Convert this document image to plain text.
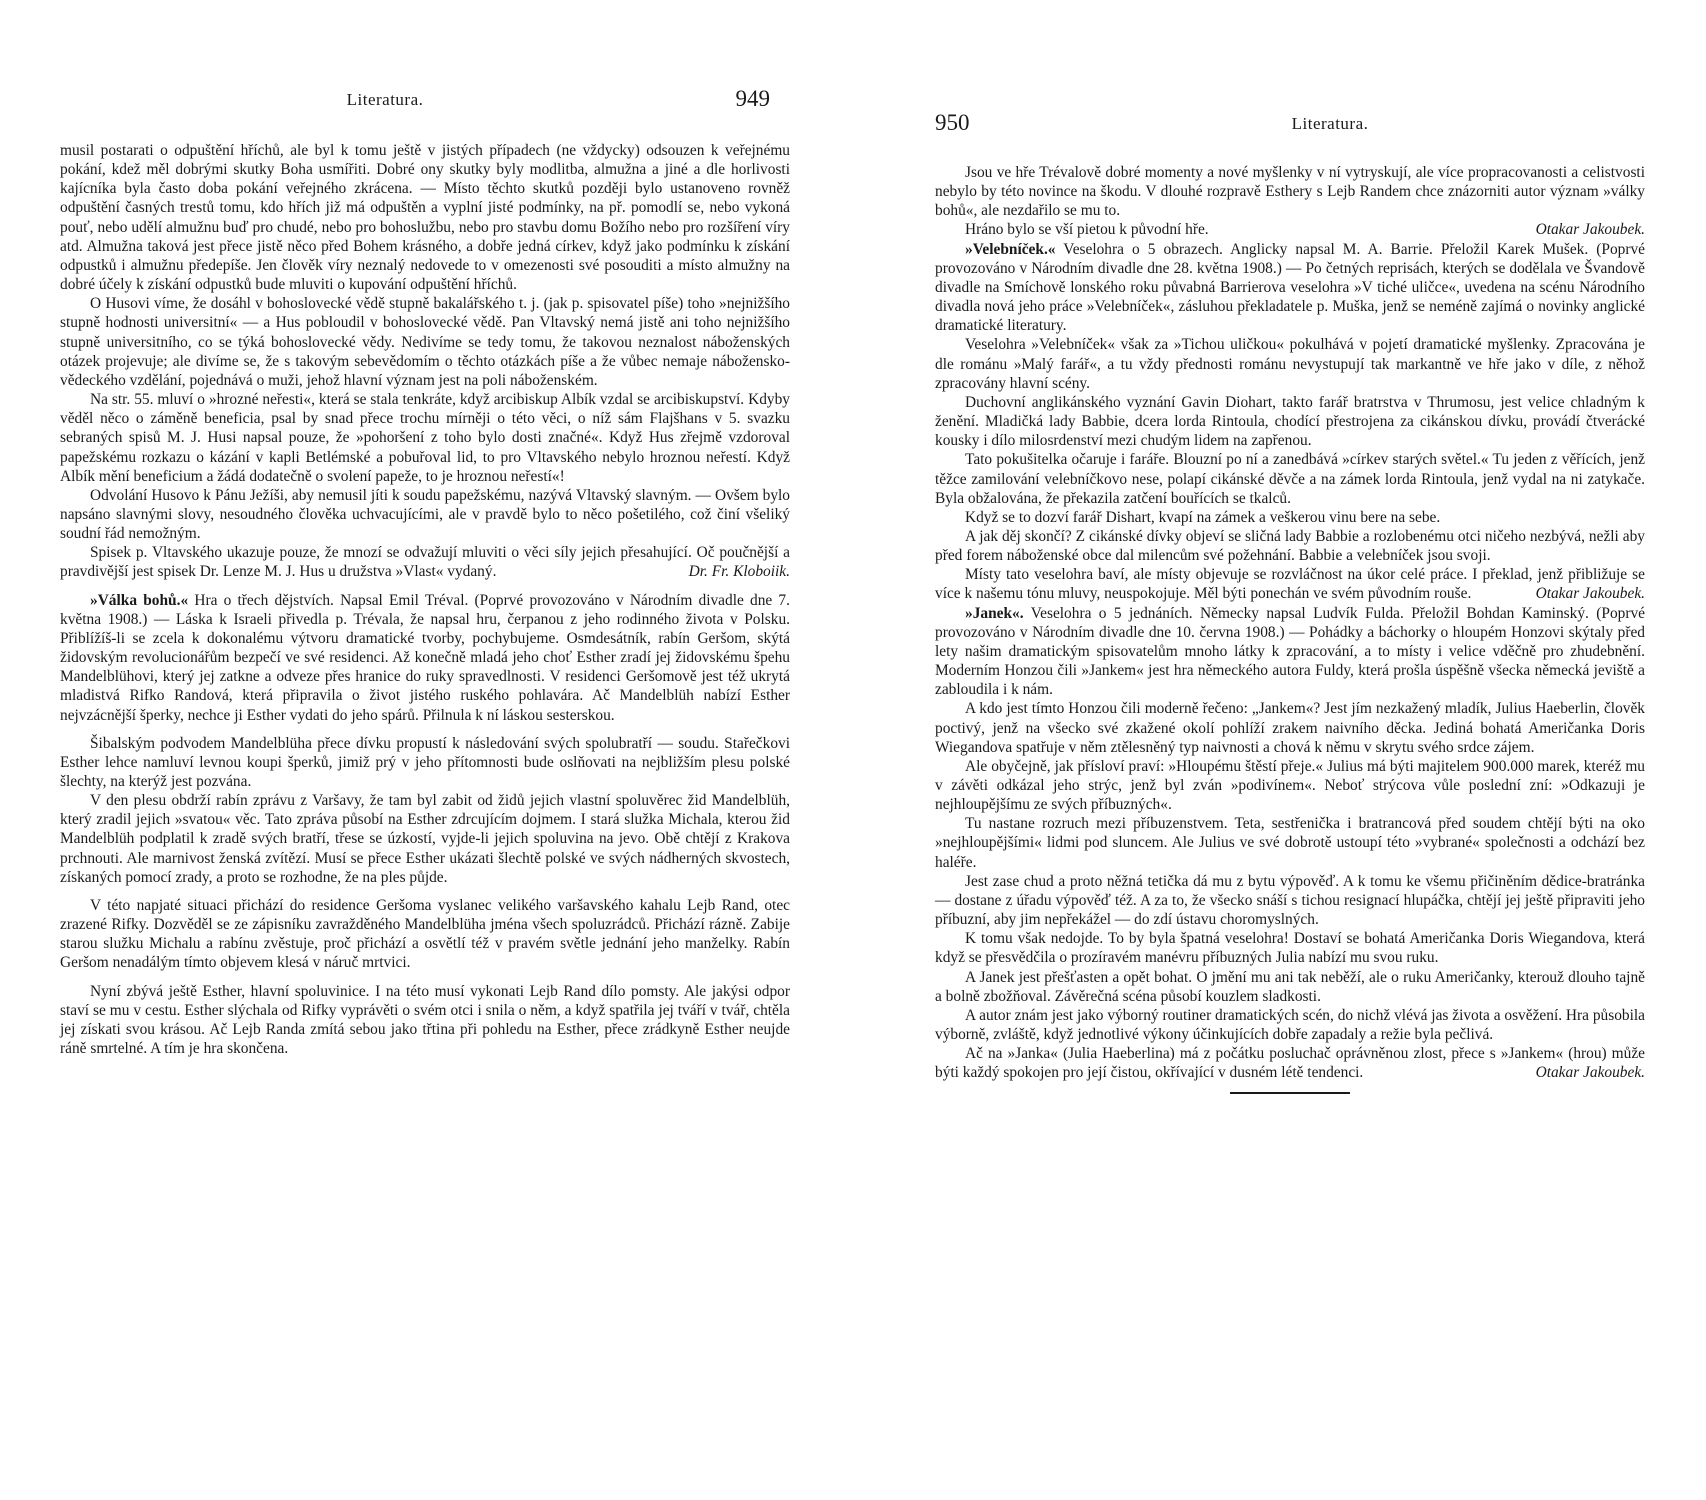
Literatura.	949

musil postarati o odpuštění hříchů, ale byl k tomu ještě v jistých případech (ne vždycky) odsouzen k veřejnému pokání, kdež měl dobrými skutky Boha usmířiti. Dobré ony skutky byly modlitba, almužna a jiné a dle horlivosti kajícníka byla často doba pokání veřejného zkrácena. — Místo těchto skutků později bylo ustanoveno rovněž odpuštění časných trestů tomu, kdo hřích již má odpuštěn a vyplní jisté podmínky, na př. pomodlí se, nebo vykoná pouť, nebo udělí almužnu buď pro chudé, nebo pro bohoslužbu, nebo pro stavbu domu Božího nebo pro rozšíření víry atd. Almužna taková jest přece jistě něco před Bohem krásného, a dobře jedná církev, když jako podmínku k získání odpustků i almužnu předepíše. Jen člověk víry neznalý nedovede to v omezenosti své posouditi a místo almužny na dobré účely k získání odpustků bude mluviti o kupování odpuštění hříchů.

O Husovi víme, že dosáhl v bohoslovecké vědě stupně bakalářského t. j. (jak p. spisovatel píše) toho »nejnižšího stupně hodnosti universitní« — a Hus pobloudil v bohoslovecké vědě. Pan Vltavský nemá jistě ani toho nejnižšího stupně universitního, co se týká bohoslovecké vědy. Nedivíme se tedy tomu, že takovou neznalost náboženských otázek projevuje; ale divíme se, že s takovým sebevědomím o těchto otázkách píše a že vůbec nemaje nábožensko-vědeckého vzdělání, pojednává o muži, jehož hlavní význam jest na poli náboženském.

Na str. 55. mluví o »hrozné neřesti«, která se stala tenkráte, když arcibiskup Albík vzdal se arcibiskupství. Kdyby věděl něco o záměně beneficia, psal by snad přece trochu mírněji o této věci, o níž sám Flajšhans v 5. svazku sebraných spisů M. J. Husi napsal pouze, že »pohoršení z toho bylo dosti značné«. Když Hus zřejmě vzdoroval papežskému rozkazu o kázání v kapli Betlémské a pobuřoval lid, to pro Vltavského nebylo hroznou neřestí. Když Albík mění beneficium a žádá dodatečně o svolení papeže, to je hroznou neřestí«!

Odvolání Husovo k Pánu Ježíši, aby nemusil jíti k soudu papežskému, nazývá Vltavský slavným. — Ovšem bylo napsáno slavnými slovy, nesoudného člověka uchvacujícími, ale v pravdě bylo to něco pošetilého, což činí všeliký soudní řád nemožným.

Spisek p. Vltavského ukazuje pouze, že mnozí se odvažují mluviti o věci síly jejich přesahující. Oč poučnější a pravdivější jest spisek Dr. Lenze M. J. Hus u družstva »Vlast« vydaný.	Dr. Fr. Kloboiik.

»Válka bohů.« Hra o třech dějstvích. Napsal Emil Tréval. (Poprvé provozováno v Národním divadle dne 7. května 1908.) — Láska k Israeli přivedla p. Trévala, že napsal hru, čerpanou z jeho rodinného života v Polsku. Přiblížíš-li se zcela k dokonalému výtvoru dramatické tvorby, pochybujeme. Osmdesátník, rabín Geršom, skýtá židovským revolucionářům bezpečí ve své residenci. Až konečně mladá jeho choť Esther zradí jej židovskému špehu Mandelblühovi, který jej zatkne a odveze přes hranice do ruky spravedlnosti. V residenci Geršomově jest též ukrytá mladistvá Rifko Randová, která připravila o život jistého ruského pohlavára. Ač Mandelblüh nabízí Esther nejvzácnější šperky, nechce ji Esther vydati do jeho spárů. Přilnula k ní láskou sesterskou.

Šibalským podvodem Mandelblüha přece dívku propustí k následování svých spolubratří — soudu. Stařečkovi Esther lehce namluví levnou koupi šperků, jimiž prý v jeho přítomnosti bude oslňovati na nejbližším plesu polské šlechty, na kterýž jest pozvána.

V den plesu obdrží rabín zprávu z Varšavy, že tam byl zabit od židů jejich vlastní spoluvěrec žid Mandelblüh, který zradil jejich »svatou« věc. Tato zpráva působí na Esther zdrcujícím dojmem. I stará služka Michala, kterou žid Mandelblüh podplatil k zradě svých bratří, třese se úzkostí, vyjde-li jejich spoluvina na jevo. Obě chtějí z Krakova prchnouti. Ale marnivost ženská zvítězí. Musí se přece Esther ukázati šlechtě polské ve svých nádherných skvostech, získaných pomocí zrady, a proto se rozhodne, že na ples půjde.

V této napjaté situaci přichází do residence Geršoma vyslanec velikého varšavského kahalu Lejb Rand, otec zrazené Rifky. Dozvěděl se ze zápisníku zavražděného Mandelblüha jména všech spoluzrádců. Přichází rázně. Zabije starou služku Michalu a rabínu zvěstuje, proč přichází a osvětlí též v pravém světle jednání jeho manželky. Rabín Geršom nenadálým tímto objevem klesá v náruč mrtvici.

Nyní zbývá ještě Esther, hlavní spoluvinice. I na této musí vykonati Lejb Rand dílo pomsty. Ale jakýsi odpor staví se mu v cestu. Esther slýchala od Rifky vyprávěti o svém otci i snila o něm, a když spatřila jej tváří v tvář, chtěla jej získati svou krásou. Ač Lejb Randa zmítá sebou jako třtina při pohledu na Esther, přece zrádkyně Esther neujde ráně smrtelné. A tím je hra skončena.

950	Literatura.

Jsou ve hře Trévalově dobré momenty a nové myšlenky v ní vytryskují, ale více propracovanosti a celistvosti nebylo by této novince na škodu. V dlouhé rozpravě Esthery s Lejb Randem chce znázorniti autor význam »války bohů«, ale nezdařilo se mu to.

Hráno bylo se vší pietou k původní hře.	Otakar Jakoubek.

»Velebníček.« Veselohra o 5 obrazech. Anglicky napsal M. A. Barrie. Přeložil Karek Mušek. (Poprvé provozováno v Národním divadle dne 28. května 1908.) — Po četných reprisách, kterých se dodělala ve Švandově divadle na Smíchově lonského roku půvabná Barrierova veselohra »V tiché uličce«, uvedena na scénu Národního divadla nová jeho práce »Velebníček«, zásluhou překladatele p. Muška, jenž se neméně zajímá o novinky anglické dramatické literatury.

Veselohra »Velebníček« však za »Tichou uličkou« pokulhává v pojetí dramatické myšlenky. Zpracována je dle románu »Malý farář«, a tu vždy přednosti románu nevystupují tak markantně ve hře jako v díle, z něhož zpracovány hlavní scény.

Duchovní anglikánského vyznání Gavin Diohart, takto farář bratrstva v Thrumosu, jest velice chladným k ženění. Mladičká lady Babbie, dcera lorda Rintoula, chodící přestrojena za cikánskou dívku, provádí čtverácké kousky i dílo milosrdenství mezi chudým lidem na zapřenou.

Tato pokušitelka očaruje i faráře. Blouzní po ní a zanedbává »církev starých světel.« Tu jeden z věřících, jenž těžce zamilování velebníčkovo nese, polapí cikánské děvče a na zámek lorda Rintoula, jenž vydal na ni zatykače. Byla obžalována, že překazila zatčení bouřících se tkalců.

Když se to dozví farář Dishart, kvapí na zámek a veškerou vinu bere na sebe.

A jak děj skončí? Z cikánské dívky objeví se sličná lady Babbie a rozlobenému otci ničeho nezbývá, nežli aby před forem náboženské obce dal milencům své požehnání. Babbie a velebníček jsou svoji.

Místy tato veselohra baví, ale místy objevuje se rozvláčnost na úkor celé práce. I překlad, jenž přibližuje se více k našemu tónu mluvy, neuspokojuje. Měl býti ponechán ve svém původním rouše.	Otakar Jakoubek.

»Janek«. Veselohra o 5 jednáních. Německy napsal Ludvík Fulda. Přeložil Bohdan Kaminský. (Poprvé provozováno v Národním divadle dne 10. června 1908.) — Pohádky a báchorky o hloupém Honzovi skýtaly před lety našim dramatickým spisovatelům mnoho látky k zpracování, a to místy i velice vděčně pro zhudebnění. Moderním Honzou čili »Jankem« jest hra německého autora Fuldy, která prošla úspěšně všecka německá jeviště a zabloudila i k nám.

A kdo jest tímto Honzou čili moderně řečeno: „Jankem«? Jest jím nezkažený mladík, Julius Haeberlin, člověk poctivý, jenž na všecko své zkažené okolí pohlíží zrakem naivního děcka. Jediná bohatá Američanka Doris Wiegandova spatřuje v něm ztělesněný typ naivnosti a chová k němu v skrytu svého srdce zájem.

Ale obyčejně, jak přísloví praví: »Hloupému štěstí přeje.« Julius má býti majitelem 900.000 marek, kteréž mu v závěti odkázal jeho strýc, jenž byl zván »podivínem«. Neboť strýcova vůle poslední zní: »Odkazuji je nejhloupějšímu ze svých příbuzných«.

Tu nastane rozruch mezi příbuzenstvem. Teta, sestřenička i bratrancová před soudem chtějí býti na oko »nejhloupějšími« lidmi pod sluncem. Ale Julius ve své dobrotě ustoupí této »vybrané« společnosti a odchází bez haléře.

Jest zase chud a proto něžná tetička dá mu z bytu výpověď. A k tomu ke všemu přičiněním dědice-bratránka — dostane z úřadu výpověď též. A za to, že všecko snáší s tichou resignací hlupáčka, chtějí jej ještě připraviti jeho příbuzní, aby jim nepřekážel — do zdí ústavu choromyslných.

K tomu však nedojde. To by byla špatná veselohra! Dostaví se bohatá Američanka Doris Wiegandova, která když se přesvědčila o prozíravém manévru příbuzných Julia nabízí mu svou ruku.

A Janek jest přešťasten a opět bohat. O jmění mu ani tak neběží, ale o ruku Američanky, kterouž dlouho tajně a bolně zbožňoval. Závěrečná scéna působí kouzlem sladkosti.

A autor znám jest jako výborný routiner dramatických scén, do nichž vlévá jas života a osvěžení. Hra působila výborně, zvláště, když jednotlivé výkony účinkujících dobře zapadaly a režie byla pečlivá.

Ač na »Janka« (Julia Haeberlina) má z počátku posluchač oprávněnou zlost, přece s »Jankem« (hrou) může býti každý spokojen pro její čistou, okřívající v dusném létě tendenci.	Otakar Jakoubek.
